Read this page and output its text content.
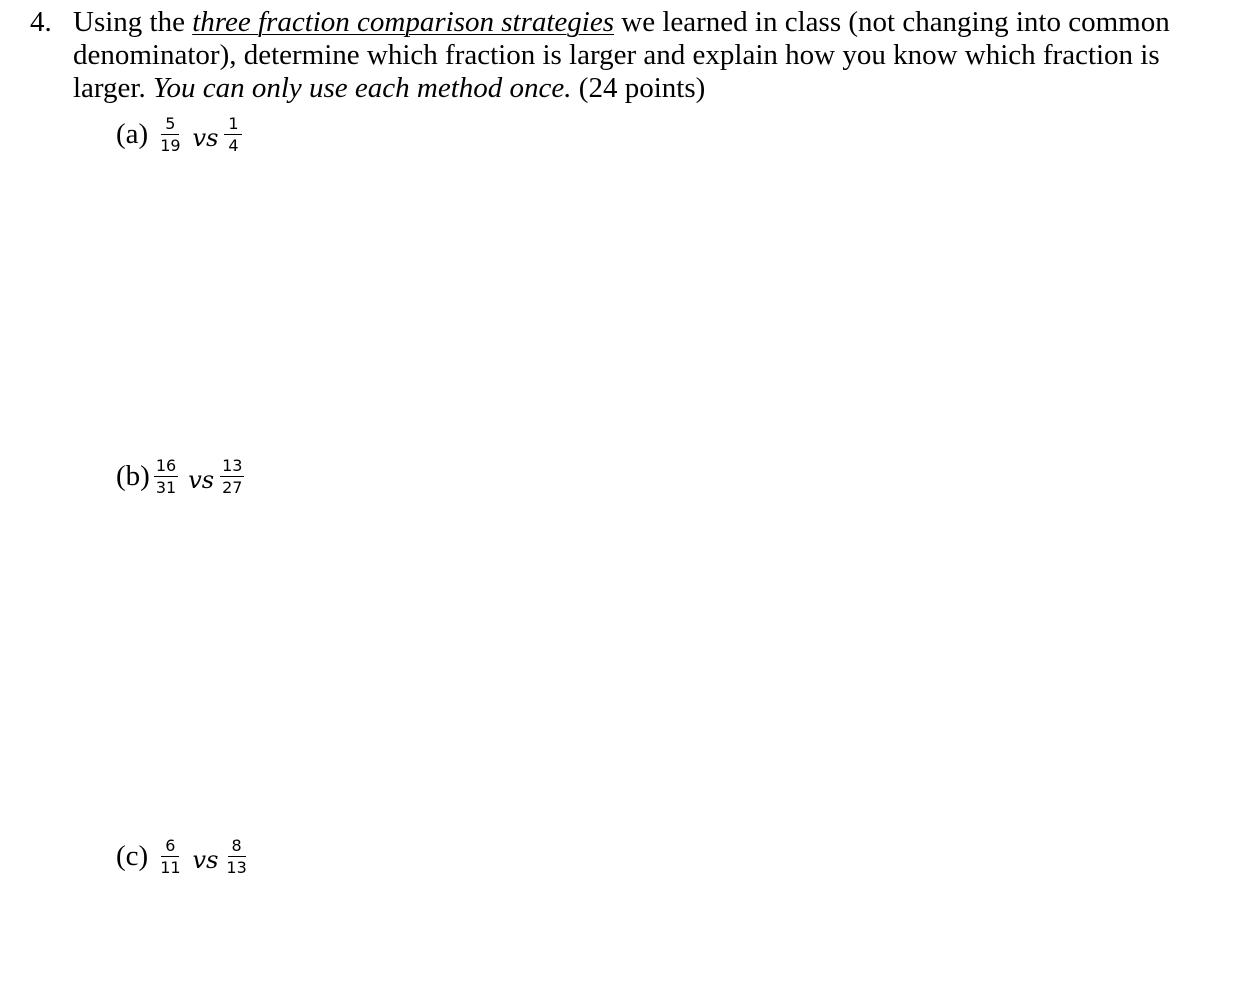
4. Using the three fraction comparison strategies we learned in class (not changing into common denominator), determine which fraction is larger and explain how you know which fraction is larger. You can only use each method once. (24 points)
$(a) \frac{5}{19}$ vs $\frac{1}{4}$
$(b) \frac{16}{31}$ vs $\frac{13}{27}$
$(c) \frac{6}{11}$ vs $\frac{8}{13}$
